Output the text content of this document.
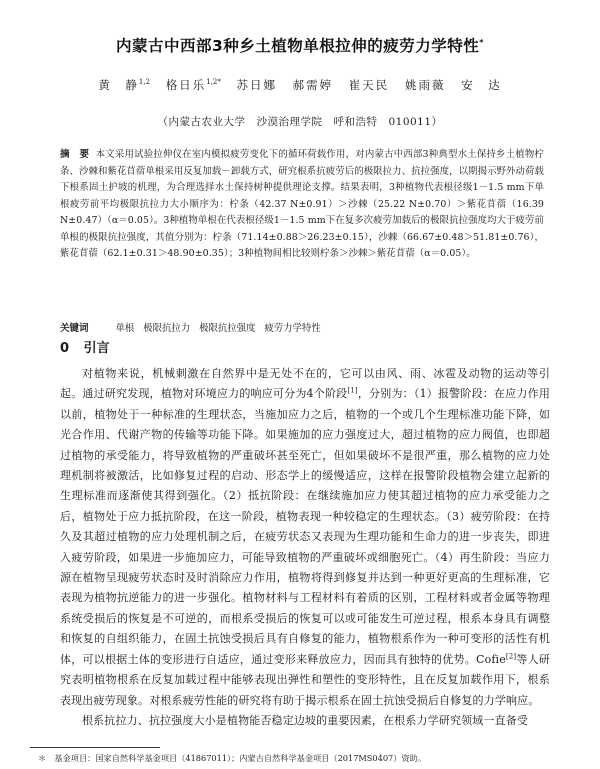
内蒙古中西部3种乡土植物单根拉伸的疲劳力学特性*
黄　静$^{1,2}$ 格日乐$^{1,2*}$ 苏日娜 郝需婷 崔天民 姚雨薇 安　达
（内蒙古农业大学　沙漠治理学院　呼和浩特　010011）
摘　要 本文采用试验拉伸仪在室内模拟疲劳变化下的循环荷载作用，对内蒙古中西部3种典型水土保持乡土植物柠条、沙棘和紫花苜蓿单根采用反复加载－卸载方式，研究根系抗疲劳后的极限拉力、抗拉强度，以期揭示野外动荷载下根系固土护坡的机理，为合理选择水土保持树种提供理论支撑。结果表明，3种植物代表根径级1－1.5 mm下单根疲劳前平均极限抗拉力大小顺序为：柠条（42.37 N±0.91）＞沙棘（25.22 N±0.70）＞紫花苜蓿（16.39 N±0.47）（α＝0.05）。3种植物单根在代表根径级1－1.5 mm下在复多次疲劳加载后的极限抗拉强度均大于疲劳前单根的极限抗拉强度，其值分别为：柠条（71.14±0.88＞26.23±0.15），沙棘（66.67±0.48＞51.81±0.76），紫花苜蓿（62.1±0.31＞48.90±0.35）；3种植物间相比较则柠条＞沙棘＞紫花苜蓿（α＝0.05）。
关键词	单根 极限抗拉力 极限抗拉强度 疲劳力学特性
0 引言

对植物来说，机械刺激在自然界中是无处不在的，它可以由风、雨、冰雹及动物的运动等引起。通过研究发现，植物对环境应力的响应可分为4个阶段[1]，分别为：（1）报警阶段：在应力作用以前，植物处于一种标准的生理状态，当施加应力之后，植物的一个或几个生理标准功能下降，如光合作用、代谢产物的传输等功能下降。如果施加的应力强度过大，超过植物的应力阀值，也即超过植物的承受能力，将导致植物的严重破坏甚至死亡，但如果破坏不是很严重，那么植物的应力处理机制将被激活，比如修复过程的启动、形态学上的缓慢适应，这样在报警阶段植物会建立起新的生理标准而逐渐使其得到强化。（2）抵抗阶段：在继续施加应力使其超过植物的应力承受能力之后，植物处于应力抵抗阶段，在这一阶段，植物表现一种较稳定的生理状态。（3）疲劳阶段：在持久及其超过植物的应力处理机制之后，在疲劳状态又表现为生理功能和生命力的进一步丧失，即进入疲劳阶段，如果进一步施加应力，可能导致植物的严重破坏或细胞死亡。（4）再生阶段：当应力源在植物呈现疲劳状态时及时消除应力作用，植物将得到修复并达到一种更好更高的生理标准，它表现为植物抗逆能力的进一步强化。植物材料与工程材料有着质的区别，工程材料或者金属等物理系统受损后的恢复是不可逆的，而根系受损后的恢复可以或可能发生可逆过程，根系本身具有调整和恢复的自组织能力，在固土抗蚀受损后具有自修复的能力，植物根系作为一种可变形的活性有机体，可以根据土体的变形进行自适应，通过变形来释放应力，因而具有独特的优势。Cofie[2]等人研究表明植物根系在反复加载过程中能够表现出弹性和塑性的变形特性，且在反复加载作用下，根系表现出疲劳现象。对根系疲劳性能的研究将有助于揭示根系在固土抗蚀受损后自修复的力学响应。

根系抗拉力、抗拉强度大小是植物能否稳定边坡的重要因素，在根系力学研究领域一直备受

＊　基金项目：国家自然科学基金项目（41867011）；内蒙古自然科学基金项目（2017MS0407）资助。
